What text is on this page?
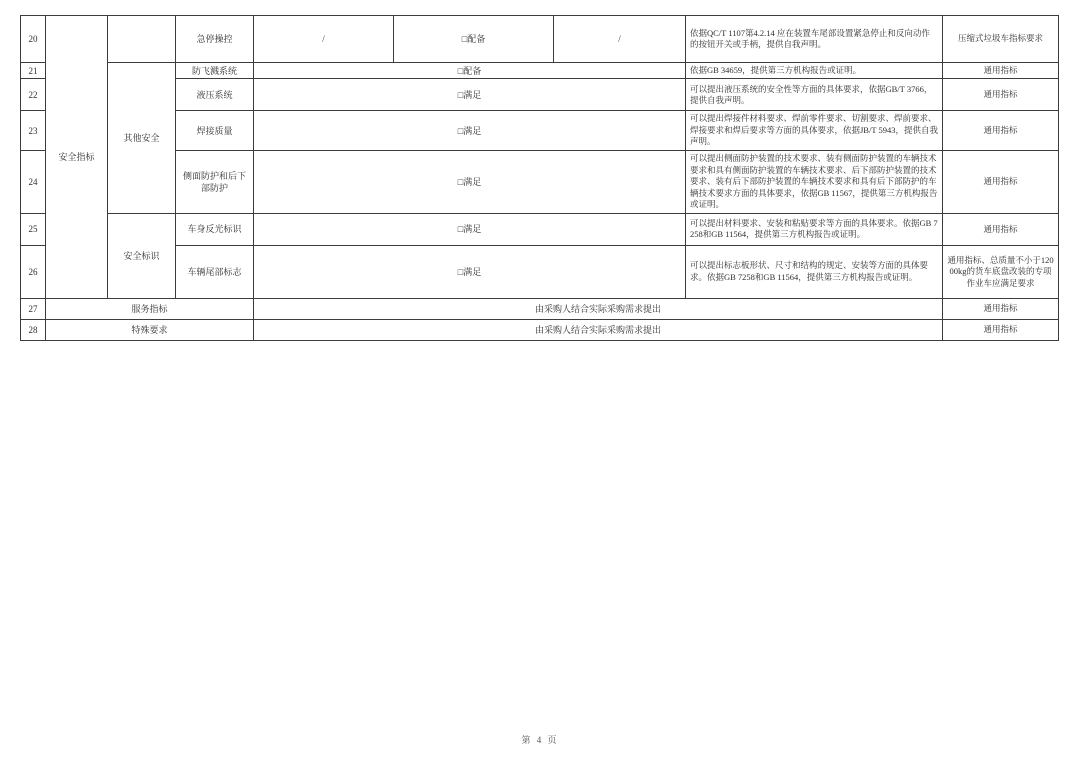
20	安全指标		急停操控	/	□配备	/	依据QC/T 1107第4.2.14 应在装置车尾部设置紧急停止和反向动作的按钮开关或手柄，提供自我声明。	压缩式垃圾车指标要求
21		其他安全	防飞溅系统	□配备			依据GB 34659，提供第三方机构报告或证明。	通用指标
22			液压系统	□满足			可以提出液压系统的安全性等方面的具体要求，依据GB/T 3766，提供自我声明。	通用指标
23			焊接质量	□满足			可以提出焊接件材料要求、焊前零件要求、切割要求、焊前要求、焊接要求和焊后要求等方面的具体要求，依据JB/T 5943，提供自我声明。	通用指标
24			侧面防护和后下部防护	□满足			可以提出侧面防护装置的技术要求、装有侧面防护装置的车辆技术要求和具有侧面防护装置的车辆技术要求、后下部防护装置的技术要求、装有后下部防护装置的车辆技术要求和具有后下部防护的车辆技术要求方面的具体要求，依据GB 11567，提供第三方机构报告或证明。	通用指标
25		安全标识	车身反光标识	□满足			可以提出材料要求、安装和粘贴要求等方面的具体要求。依据GB 7258和GB 11564，提供第三方机构报告或证明。	通用指标
26			车辆尾部标志	□满足			可以提出标志板形状、尺寸和结构的规定、安装等方面的具体要求。依据GB 7258和GB 11564，提供第三方机构报告或证明。	通用指标、总质量不小于12000kg的货车底盘改装的专项作业车应满足要求
27	服务指标			由采购人结合实际采购需求提出				通用指标
28	特殊要求			由采购人结合实际采购需求提出				通用指标
第 4 页
